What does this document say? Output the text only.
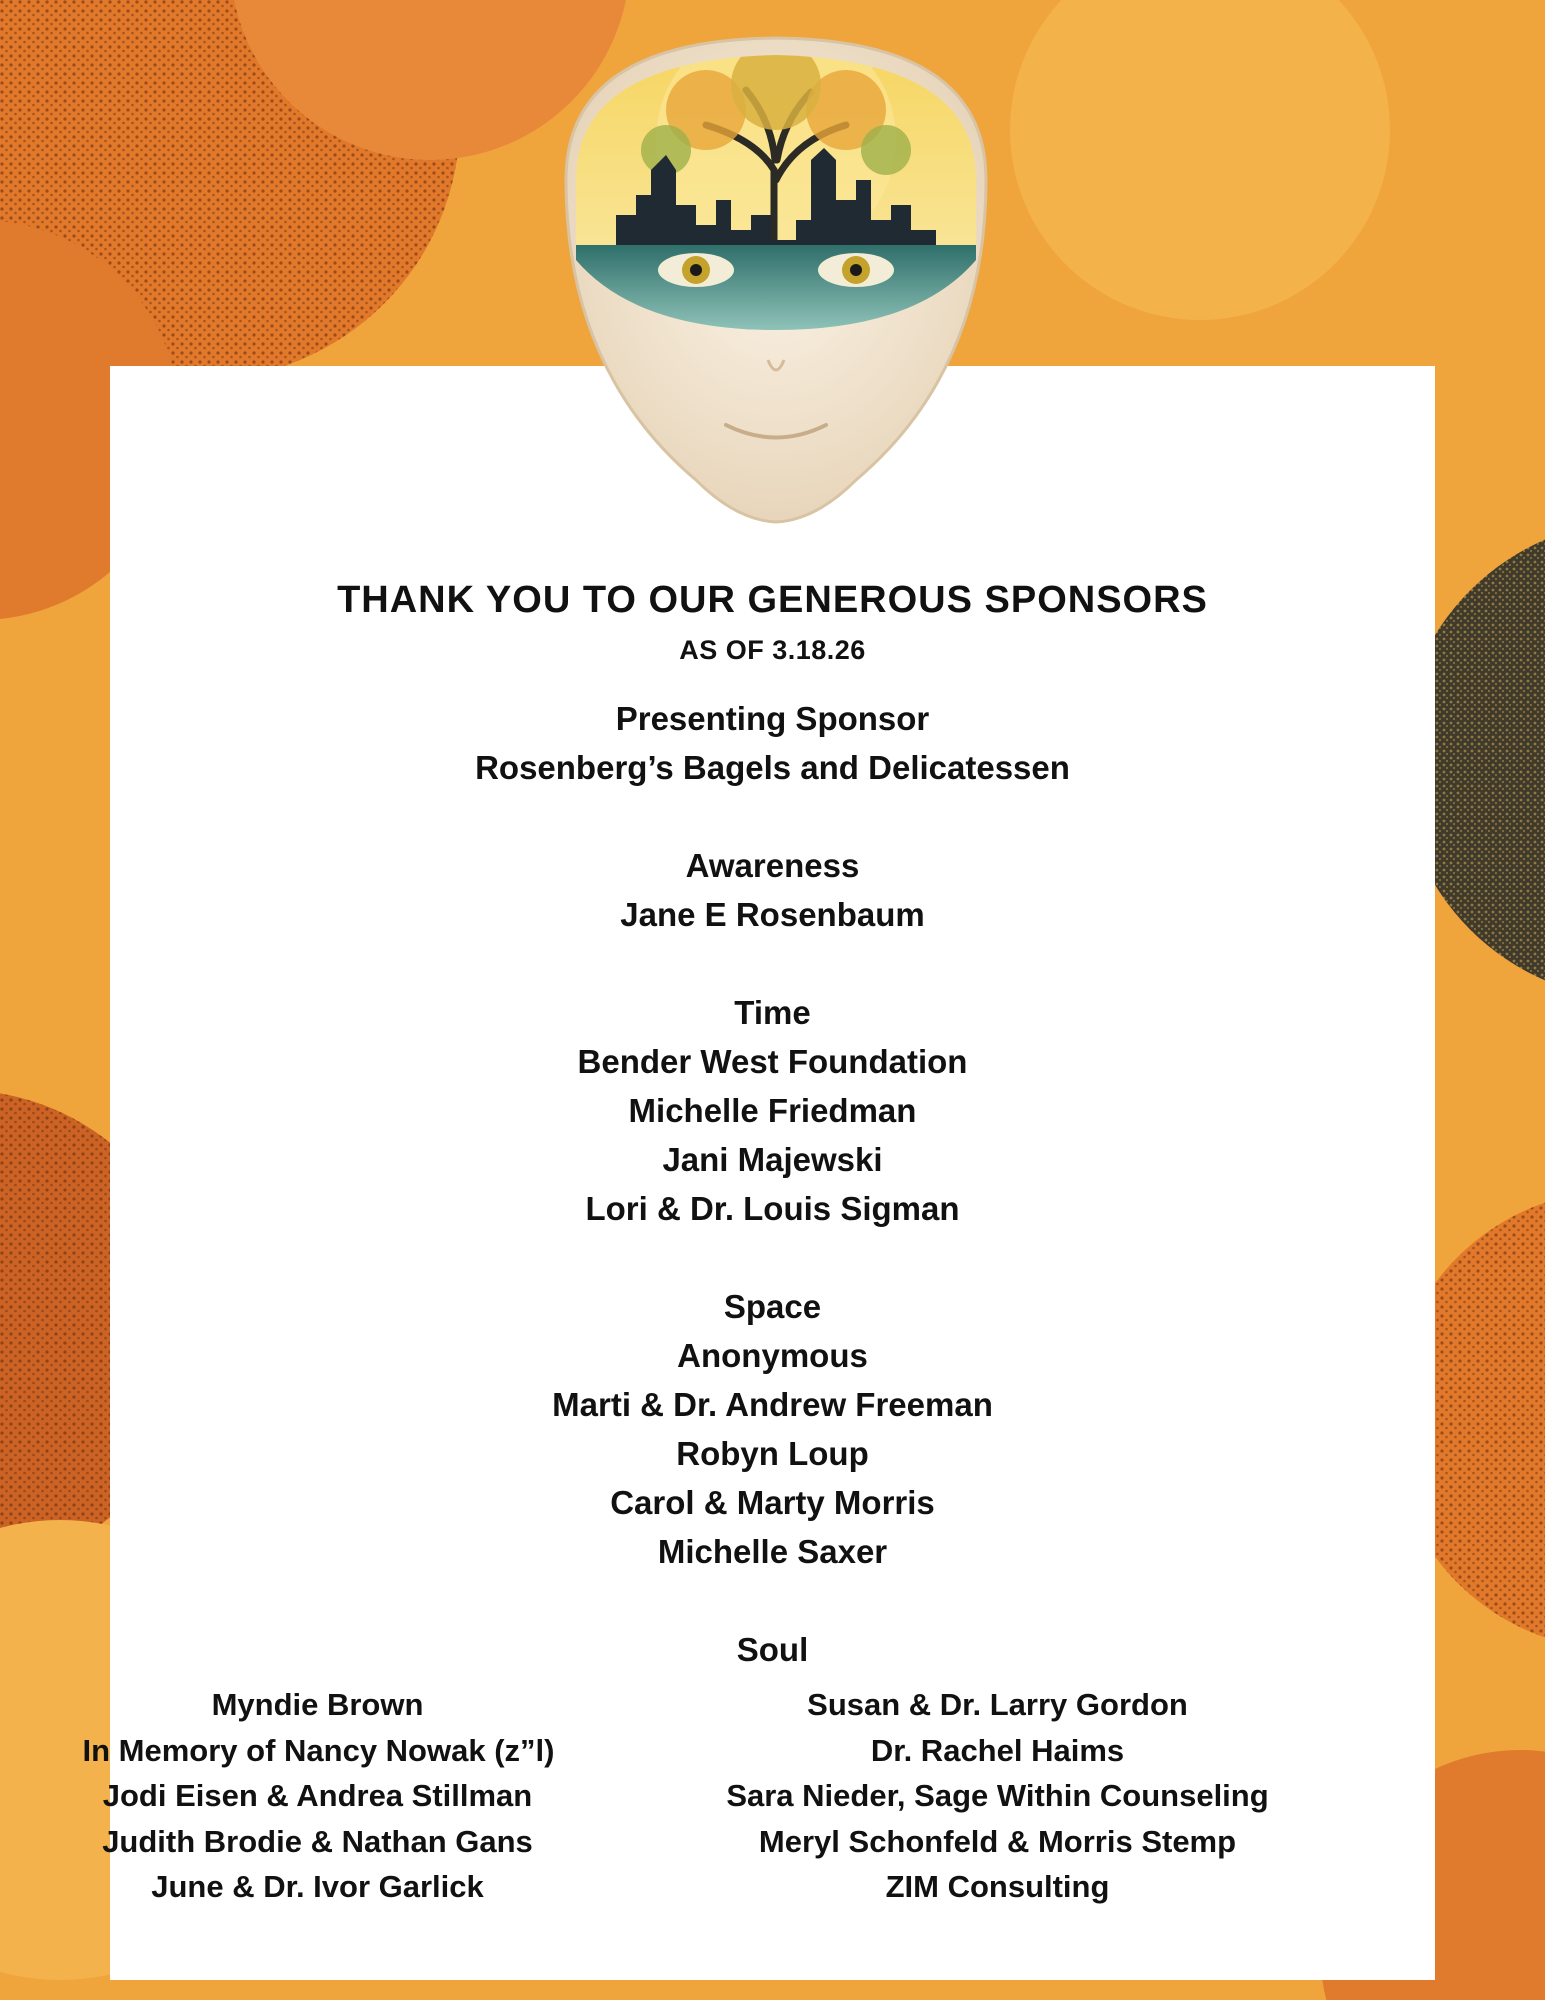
THANK YOU TO OUR GENEROUS SPONSORS
AS OF 3.18.26
Presenting Sponsor
Rosenberg’s Bagels and Delicatessen
Awareness
Jane E Rosenbaum
Time
Bender West Foundation
Michelle Friedman
Jani Majewski
Lori & Dr. Louis Sigman
Space
Anonymous
Marti & Dr. Andrew Freeman
Robyn Loup
Carol & Marty Morris
Michelle Saxer
Soul
Myndie Brown
In Memory of Nancy Nowak (z”l)
Jodi Eisen & Andrea Stillman
Judith Brodie & Nathan Gans
June & Dr. Ivor Garlick
Susan & Dr. Larry Gordon
Dr. Rachel Haims
Sara Nieder, Sage Within Counseling
Meryl Schonfeld & Morris Stemp
ZIM Consulting
